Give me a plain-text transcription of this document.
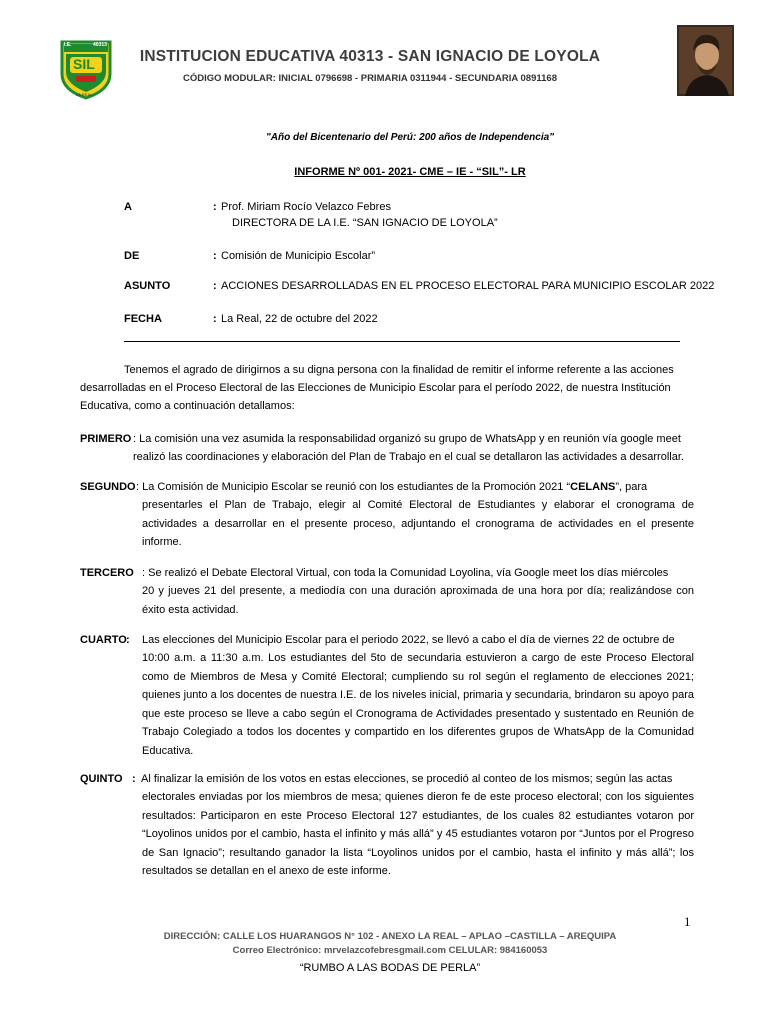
I.E.	40313
SIL
LA REAL
INSTITUCION EDUCATIVA 40313 - SAN IGNACIO DE LOYOLA
CÓDIGO MODULAR: INICIAL 0796698 - PRIMARIA 0311944 - SECUNDARIA 0891168
"Año del Bicentenario del Perú: 200 años de Independencia"
INFORME Nº 001- 2021- CME – IE - “SIL”- LR
A	: Prof. Miriam Rocío Velazco Febres
DIRECTORA DE LA I.E. “SAN IGNACIO DE LOYOLA”
DE	: Comisión de Municipio Escolar”
ASUNTO	: ACCIONES DESARROLLADAS EN EL PROCESO ELECTORAL PARA MUNICIPIO ESCOLAR 2022
FECHA	: La Real, 22 de octubre del 2022
Tenemos el agrado de dirigirnos a su digna persona con la finalidad de remitir el informe referente a las acciones
desarrolladas en el Proceso Electoral de las Elecciones de Municipio Escolar para el período 2022, de nuestra Institución
Educativa, como a continuación detallamos:
PRIMERO : La comisión una vez asumida la responsabilidad organizó su grupo de WhatsApp y en reunión vía google meet
realizó las coordinaciones y elaboración del Plan de Trabajo en el cual se detallaron las actividades a desarrollar.
SEGUNDO : La Comisión de Municipio Escolar se reunió con los estudiantes de la Promoción 2021 “ CELANS ”, para
presentarles el Plan de Trabajo, elegir al Comité Electoral de Estudiantes y elaborar el cronograma de actividades a desarrollar en el presente proceso, adjuntando el cronograma de actividades en el presente informe.
TERCERO : Se realizó el Debate Electoral Virtual, con toda la Comunidad Loyolina, vía Google meet los días miércoles
20 y jueves 21 del presente, a mediodía con una duración aproximada de una hora por día; realizándose con éxito esta actividad.
CUARTO : Las elecciones del Municipio Escolar para el periodo 2022, se llevó a cabo el día de viernes 22 de octubre de
10:00 a.m. a 11:30 a.m. Los estudiantes del 5to de secundaria estuvieron a cargo de este Proceso Electoral como de Miembros de Mesa y Comité Electoral; cumpliendo su rol según el reglamento de elecciones 2021; quienes junto a los docentes de nuestra I.E. de los niveles inicial, primaria y secundaria, brindaron su apoyo para que este proceso se lleve a cabo según el Cronograma de Actividades presentado y sustentado en Reunión de Trabajo Colegiado a todos los docentes y compartido en los diferentes grupos de WhatsApp de la Comunidad Educativa.
QUINTO : Al finalizar la emisión de los votos en estas elecciones, se procedió al conteo de los mismos; según las actas
electorales enviadas por los miembros de mesa; quienes dieron fe de este proceso electoral; con los siguientes resultados: Participaron en este Proceso Electoral 127 estudiantes, de los cuales 82 estudiantes votaron por “Loyolinos unidos por el cambio, hasta el infinito y más allá” y 45 estudiantes votaron por “Juntos por el Progreso de San Ignacio”; resultando ganador la lista “Loyolinos unidos por el cambio, hasta el infinito y más allá”; los resultados se detallan en el anexo de este informe.
1
DIRECCIÓN: CALLE LOS HUARANGOS N° 102 - ANEXO LA REAL – APLAO –CASTILLA – AREQUIPA
Correo Electrónico: mrvelazcofebresgmail.com CELULAR: 984160053
“RUMBO A LAS BODAS DE PERLA”
